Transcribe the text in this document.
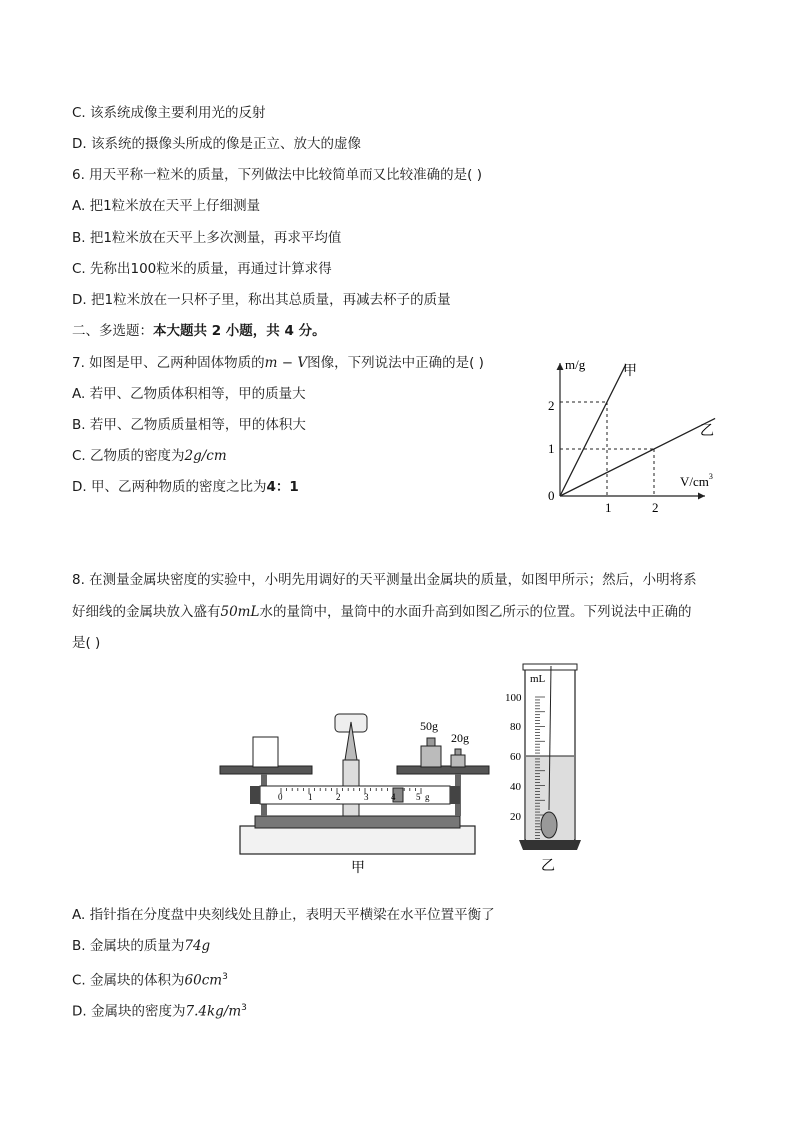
C. 该系统成像主要利用光的反射
D. 该系统的摄像头所成的像是正立、放大的虚像
6. 用天平称一粒米的质量，下列做法中比较简单而又比较准确的是( )
A. 把1粒米放在天平上仔细测量
B. 把1粒米放在天平上多次测量，再求平均值
C. 先称出100粒米的质量，再通过计算求得
D. 把1粒米放在一只杯子里，称出其总质量，再减去杯子的质量
二、多选题：本大题共 2 小题，共 4 分。
7. 如图是甲、乙两种固体物质的m − V图像，下列说法中正确的是( )
A. 若甲、乙物质体积相等，甲的质量大
B. 若甲、乙物质质量相等，甲的体积大
C. 乙物质的密度为2g/cm
D. 甲、乙两种物质的密度之比为4：1
m/g
$V/cm^3$
0
1	2
1
2
甲
乙
8. 在测量金属块密度的实验中，小明先用调好的天平测量出金属块的质量，如图甲所示；然后，小明将系
好细线的金属块放入盛有50mL水的量筒中，量筒中的水面升高到如图乙所示的位置。下列说法中正确的
是( )
50g
20g
0	1	2	3	4 5 g
甲
mL
100
80
60
40
20
乙
A. 指针指在分度盘中央刻线处且静止，表明天平横梁在水平位置平衡了
B. 金属块的质量为74g
C. 金属块的体积为$60cm^3$
D. 金属块的密度为$7.4kg/m^3$
